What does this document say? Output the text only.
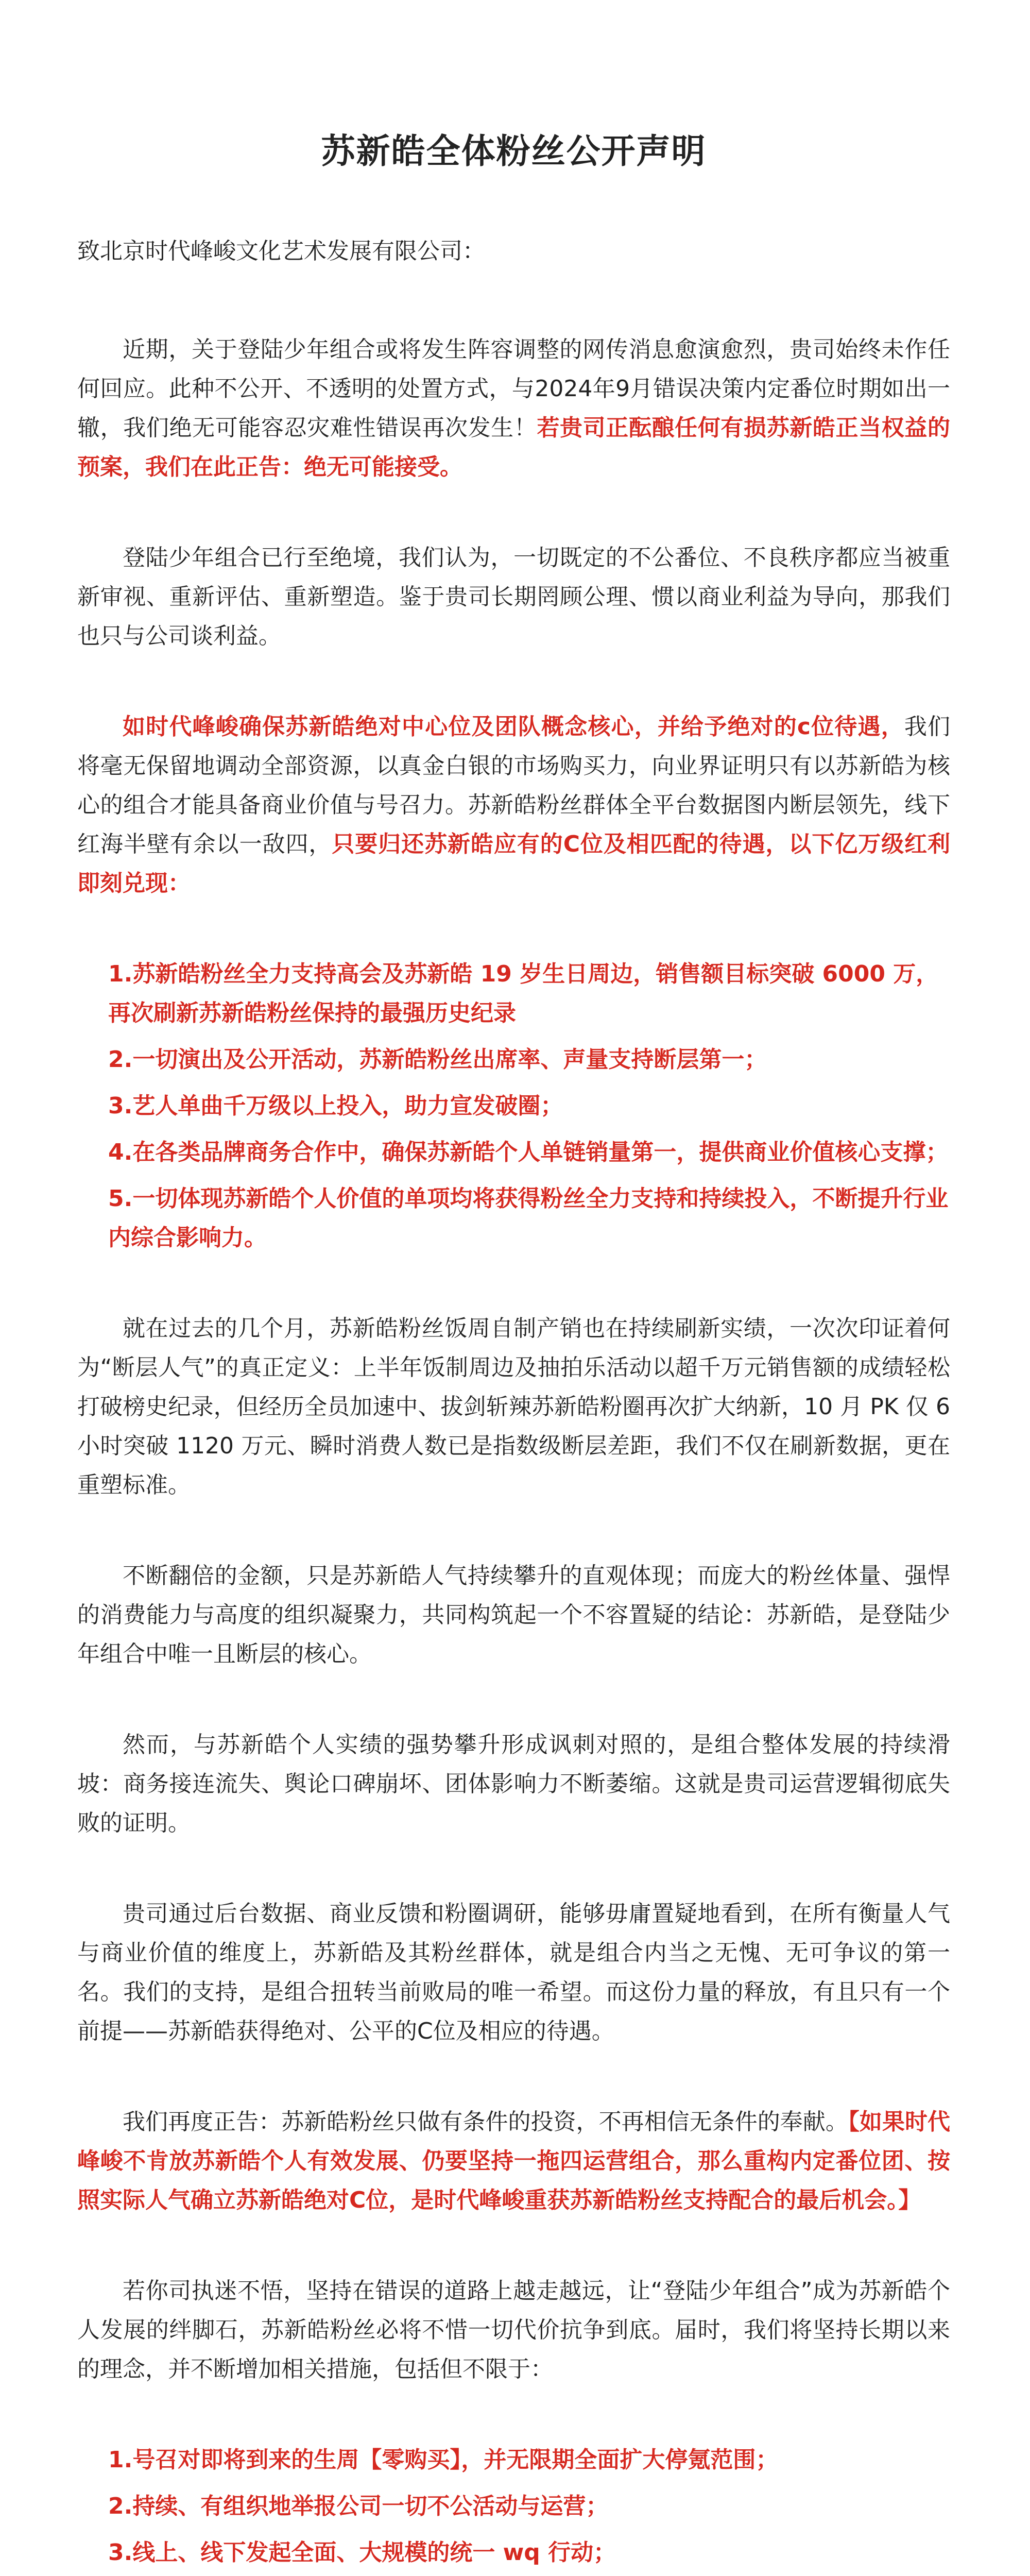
苏新皓全体粉丝公开声明
致北京时代峰峻文化艺术发展有限公司：
近期，关于登陆少年组合或将发生阵容调整的网传消息愈演愈烈，贵司始终未作任何回应。此种不公开、不透明的处置方式，与2024年9月错误决策内定番位时期如出一辙，我们绝无可能容忍灾难性错误再次发生！若贵司正酝酿任何有损苏新皓正当权益的预案，我们在此正告：绝无可能接受。
登陆少年组合已行至绝境，我们认为，一切既定的不公番位、不良秩序都应当被重新审视、重新评估、重新塑造。鉴于贵司长期罔顾公理、惯以商业利益为导向，那我们也只与公司谈利益。
如时代峰峻确保苏新皓绝对中心位及团队概念核心，并给予绝对的c位待遇，我们将毫无保留地调动全部资源，以真金白银的市场购买力，向业界证明只有以苏新皓为核心的组合才能具备商业价值与号召力。苏新皓粉丝群体全平台数据图内断层领先，线下红海半壁有余以一敌四，只要归还苏新皓应有的C位及相匹配的待遇，以下亿万级红利即刻兑现：
1.苏新皓粉丝全力支持高会及苏新皓 19 岁生日周边，销售额目标突破 6000 万，再次刷新苏新皓粉丝保持的最强历史纪录
2.一切演出及公开活动，苏新皓粉丝出席率、声量支持断层第一；
3.艺人单曲千万级以上投入，助力宣发破圈；
4.在各类品牌商务合作中，确保苏新皓个人单链销量第一，提供商业价值核心支撑；
5.一切体现苏新皓个人价值的单项均将获得粉丝全力支持和持续投入，不断提升行业内综合影响力。
就在过去的几个月，苏新皓粉丝饭周自制产销也在持续刷新实绩，一次次印证着何为“断层人气”的真正定义：上半年饭制周边及抽拍乐活动以超千万元销售额的成绩轻松打破榜史纪录，但经历全员加速中、拔剑斩辣苏新皓粉圈再次扩大纳新，10 月 PK 仅 6 小时突破 1120 万元、瞬时消费人数已是指数级断层差距，我们不仅在刷新数据，更在重塑标准。
不断翻倍的金额，只是苏新皓人气持续攀升的直观体现；而庞大的粉丝体量、强悍的消费能力与高度的组织凝聚力，共同构筑起一个不容置疑的结论：苏新皓，是登陆少年组合中唯一且断层的核心。
然而，与苏新皓个人实绩的强势攀升形成讽刺对照的，是组合整体发展的持续滑坡：商务接连流失、舆论口碑崩坏、团体影响力不断萎缩。这就是贵司运营逻辑彻底失败的证明。
贵司通过后台数据、商业反馈和粉圈调研，能够毋庸置疑地看到，在所有衡量人气与商业价值的维度上，苏新皓及其粉丝群体，就是组合内当之无愧、无可争议的第一名。我们的支持，是组合扭转当前败局的唯一希望。而这份力量的释放，有且只有一个前提——苏新皓获得绝对、公平的C位及相应的待遇。
我们再度正告：苏新皓粉丝只做有条件的投资，不再相信无条件的奉献。【如果时代峰峻不肯放苏新皓个人有效发展、仍要坚持一拖四运营组合，那么重构内定番位团、按照实际人气确立苏新皓绝对C位，是时代峰峻重获苏新皓粉丝支持配合的最后机会。】
若你司执迷不悟，坚持在错误的道路上越走越远，让“登陆少年组合”成为苏新皓个人发展的绊脚石，苏新皓粉丝必将不惜一切代价抗争到底。届时，我们将坚持长期以来的理念，并不断增加相关措施，包括但不限于：
1.号召对即将到来的生周【零购买】，并无限期全面扩大停氪范围；
2.持续、有组织地举报公司一切不公活动与运营；
3.线上、线下发起全面、大规模的统一 wq 行动；
